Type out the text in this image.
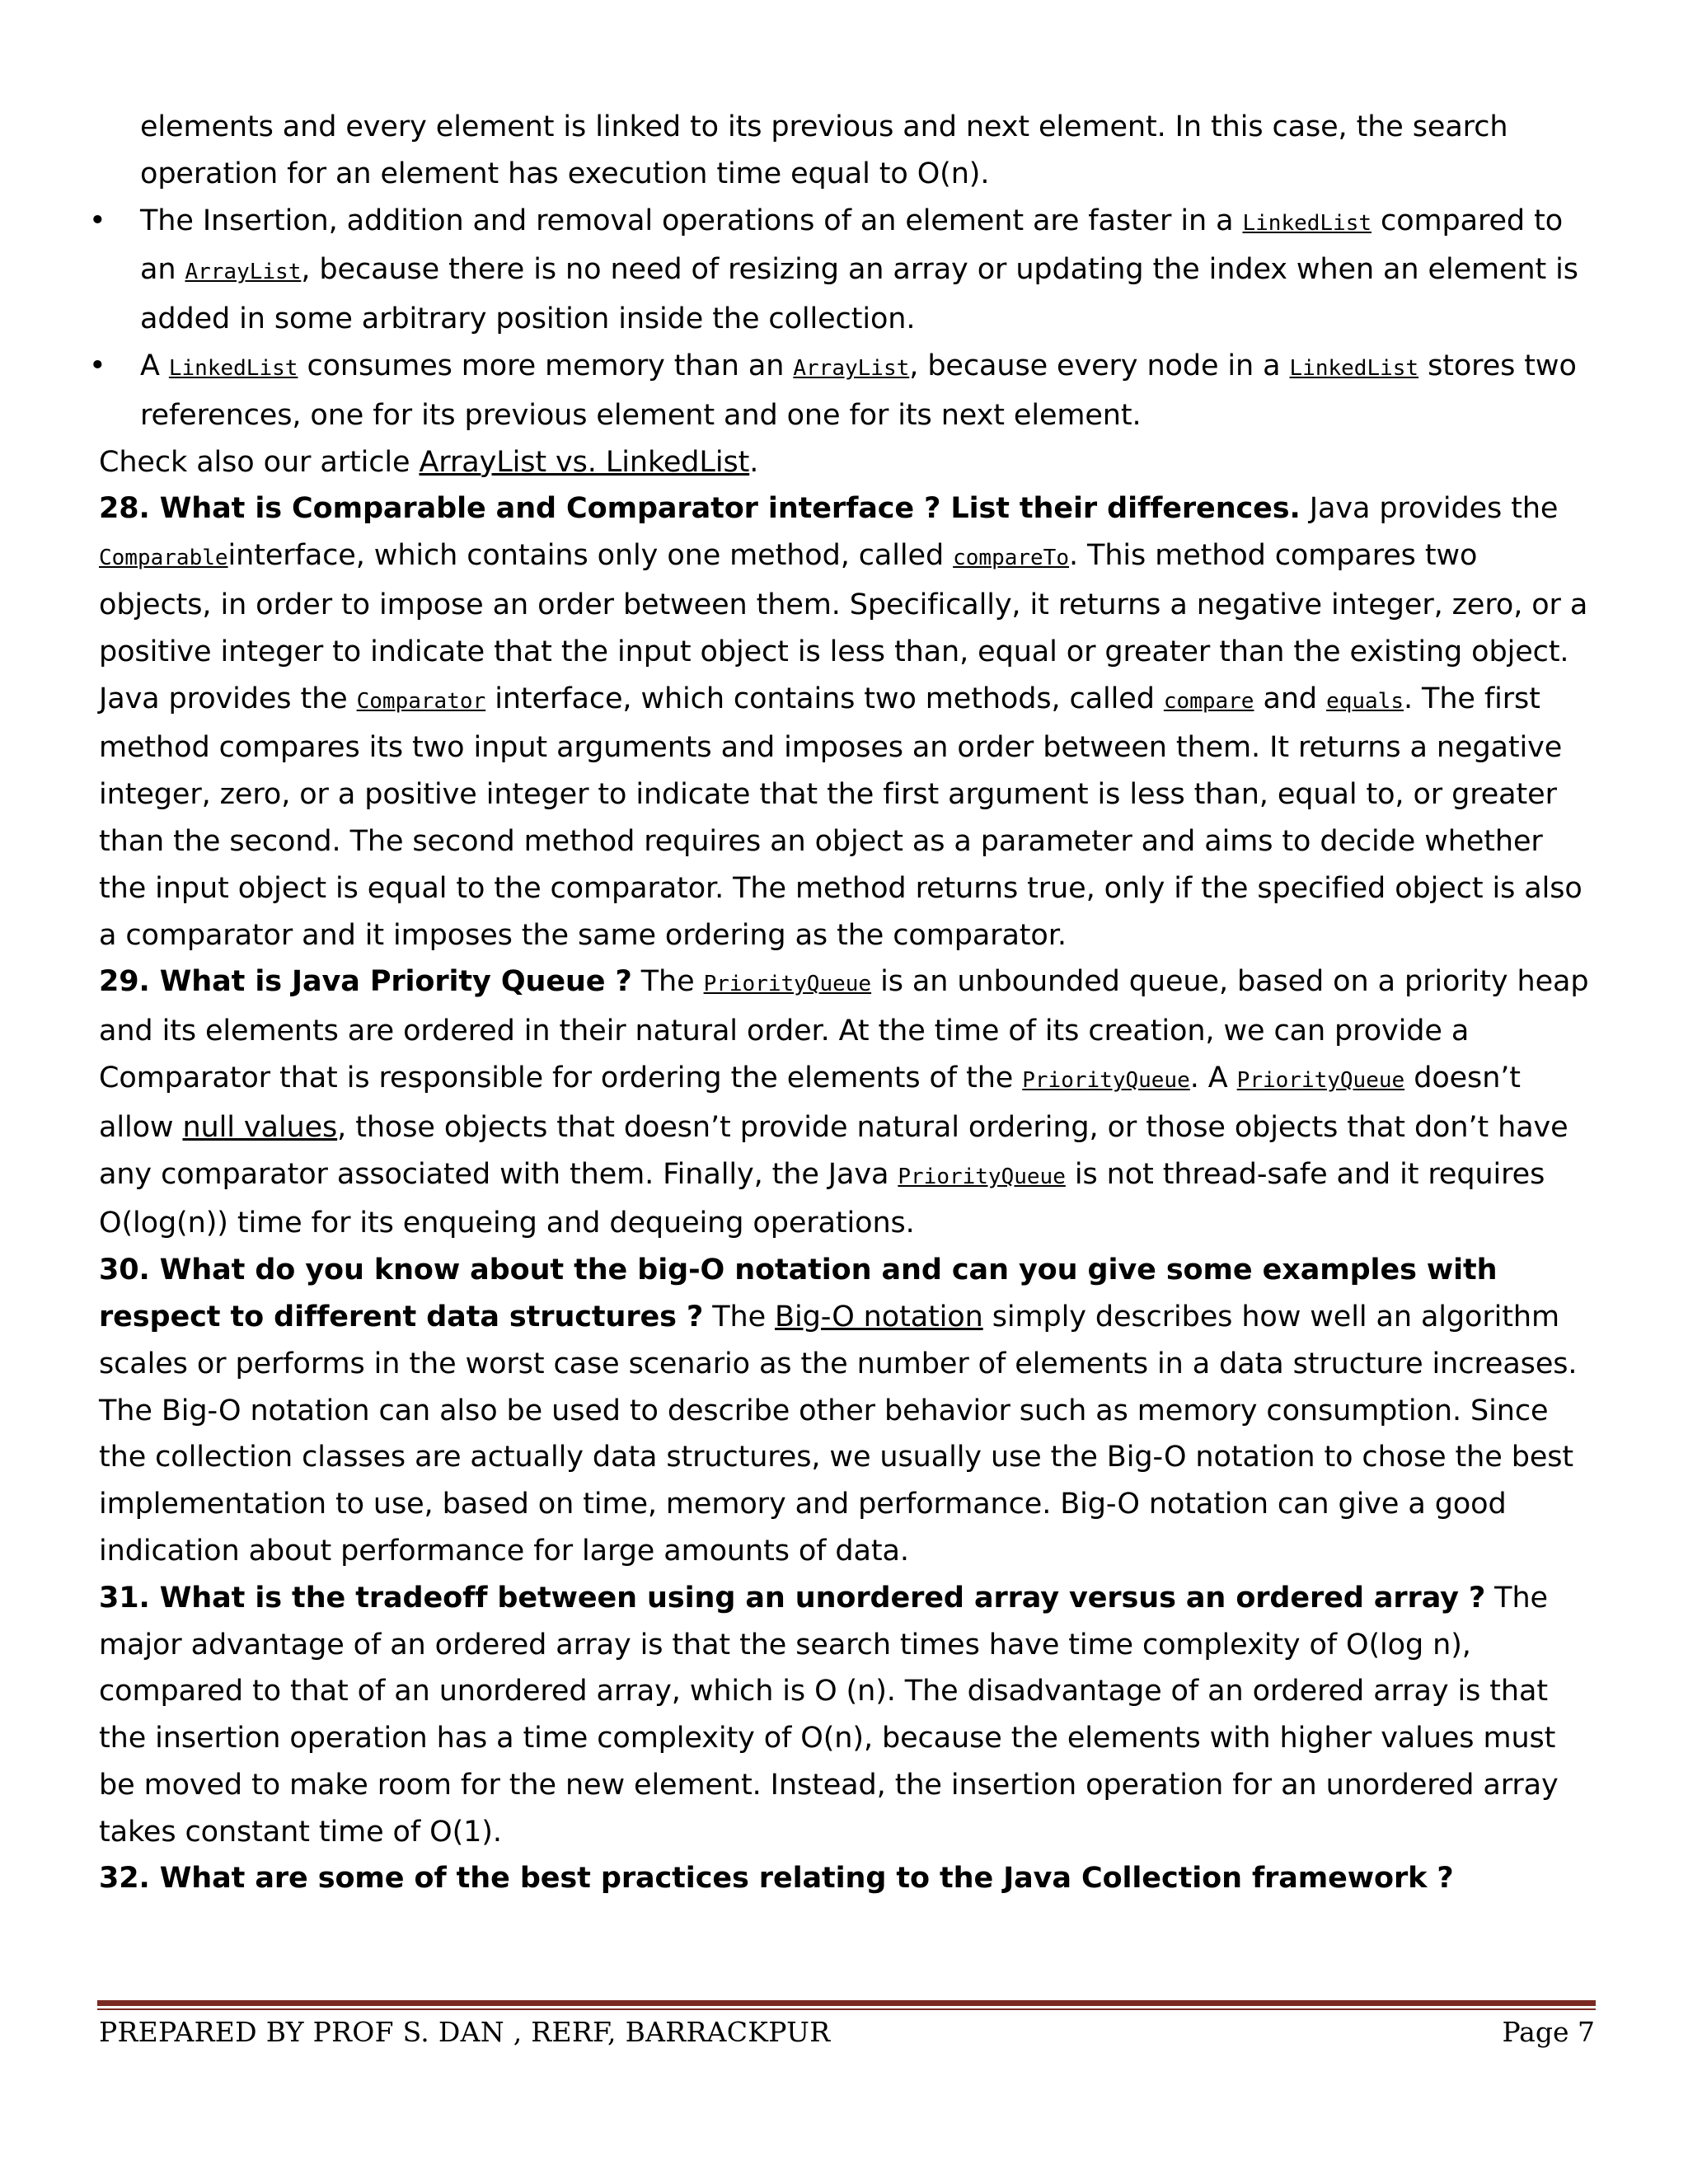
elements and every element is linked to its previous and next element. In this case, the search operation for an element has execution time equal to O(n).

• The Insertion, addition and removal operations of an element are faster in a LinkedList compared to an ArrayList, because there is no need of resizing an array or updating the index when an element is added in some arbitrary position inside the collection.

• A LinkedList consumes more memory than an ArrayList, because every node in a LinkedList stores two references, one for its previous element and one for its next element.

Check also our article ArrayList vs. LinkedList.

28. What is Comparable and Comparator interface ? List their differences. Java provides the Comparableinterface, which contains only one method, called compareTo. This method compares two objects, in order to impose an order between them. Specifically, it returns a negative integer, zero, or a positive integer to indicate that the input object is less than, equal or greater than the existing object. Java provides the Comparator interface, which contains two methods, called compare and equals. The first method compares its two input arguments and imposes an order between them. It returns a negative integer, zero, or a positive integer to indicate that the first argument is less than, equal to, or greater than the second. The second method requires an object as a parameter and aims to decide whether the input object is equal to the comparator. The method returns true, only if the specified object is also a comparator and it imposes the same ordering as the comparator.

29. What is Java Priority Queue ? The PriorityQueue is an unbounded queue, based on a priority heap and its elements are ordered in their natural order. At the time of its creation, we can provide a Comparator that is responsible for ordering the elements of the PriorityQueue. A PriorityQueue doesn’t allow null values, those objects that doesn’t provide natural ordering, or those objects that don’t have any comparator associated with them. Finally, the Java PriorityQueue is not thread-safe and it requires O(log(n)) time for its enqueing and dequeing operations.

30. What do you know about the big-O notation and can you give some examples with respect to different data structures ? The Big-O notation simply describes how well an algorithm scales or performs in the worst case scenario as the number of elements in a data structure increases. The Big-O notation can also be used to describe other behavior such as memory consumption. Since the collection classes are actually data structures, we usually use the Big-O notation to chose the best implementation to use, based on time, memory and performance. Big-O notation can give a good indication about performance for large amounts of data.

31. What is the tradeoff between using an unordered array versus an ordered array ? The major advantage of an ordered array is that the search times have time complexity of O(log n), compared to that of an unordered array, which is O (n). The disadvantage of an ordered array is that the insertion operation has a time complexity of O(n), because the elements with higher values must be moved to make room for the new element. Instead, the insertion operation for an unordered array takes constant time of O(1).

32. What are some of the best practices relating to the Java Collection framework ?

PREPARED BY PROF S. DAN , RERF, BARRACKPUR	Page 7
